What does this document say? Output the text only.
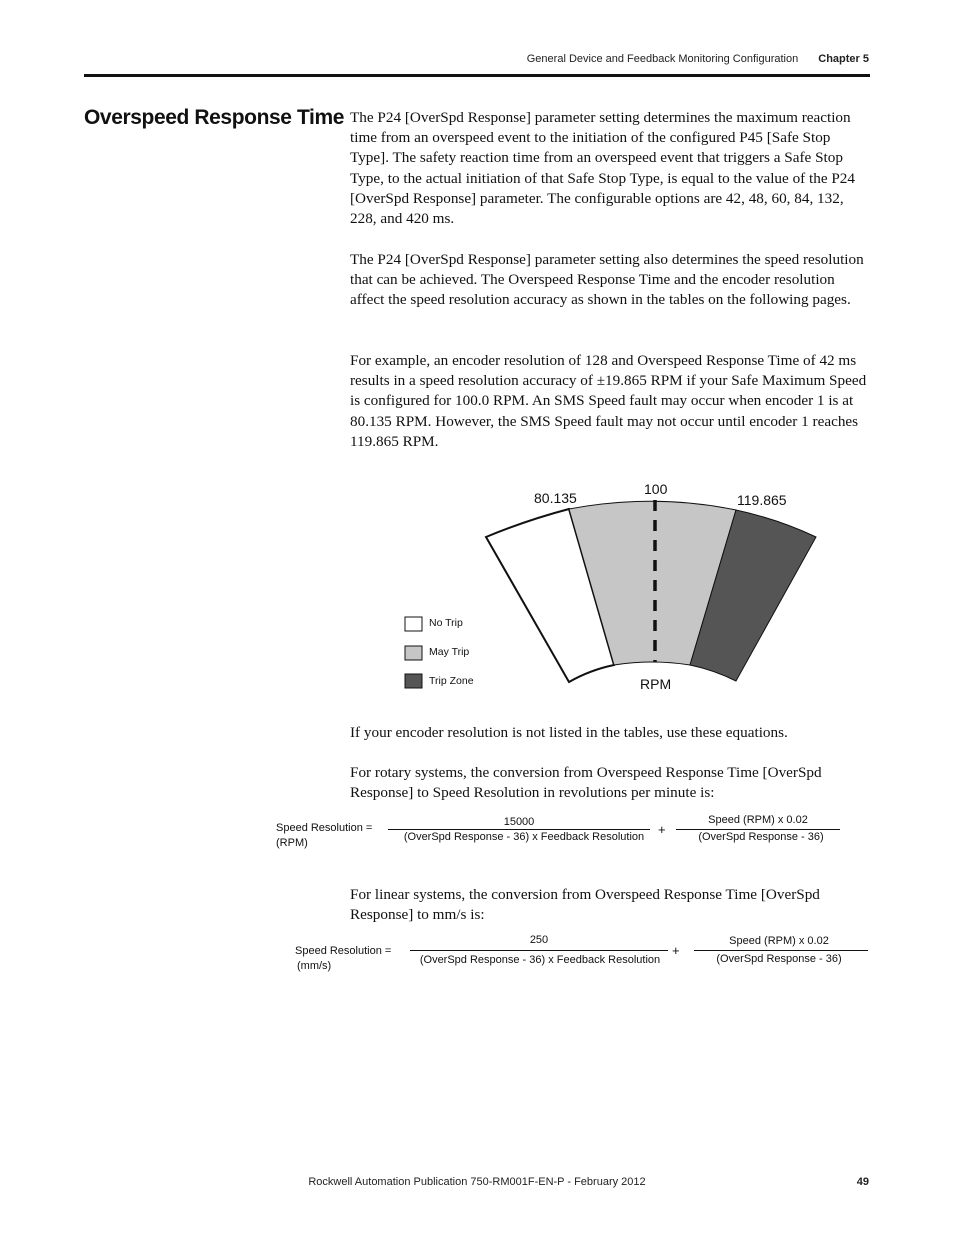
General Device and Feedback Monitoring Configuration Chapter 5
Overspeed Response Time The P24 [OverSpd Response] parameter setting determines the maximum reaction time from an overspeed event to the initiation of the configured P45 [Safe Stop Type]. The safety reaction time from an overspeed event that triggers a Safe Stop Type, to the actual initiation of that Safe Stop Type, is equal to the value of the P24 [OverSpd Response] parameter. The configurable options are 42, 48, 60, 84, 132, 228, and 420 ms.

The P24 [OverSpd Response] parameter setting also determines the speed resolution that can be achieved. The Overspeed Response Time and the encoder resolution affect the speed resolution accuracy as shown in the tables on the following pages.

For example, an encoder resolution of 128 and Overspeed Response Time of 42 ms results in a speed resolution accuracy of ±19.865 RPM if your Safe Maximum Speed is configured for 100.0 RPM. An SMS Speed fault may occur when encoder 1 is at 80.135 RPM. However, the SMS Speed fault may not occur until encoder 1 reaches 119.865 RPM.

80.135
100
119.865
RPM
No Trip
May Trip
Trip Zone

If your encoder resolution is not listed in the tables, use these equations.

For rotary systems, the conversion from Overspeed Response Time [OverSpd Response] to Speed Resolution in revolutions per minute is:

Speed Resolution =
(RPM)
15000
(OverSpd Response - 36) x Feedback Resolution	+
Speed (RPM) x 0.02
(OverSpd Response - 36)

For linear systems, the conversion from Overspeed Response Time [OverSpd Response] to mm/s is:

Speed Resolution =
(mm/s)
250
(OverSpd Response - 36) x Feedback Resolution
+
Speed (RPM) x 0.02
(OverSpd Response - 36)
Rockwell Automation Publication 750-RM001F-EN-P - February 2012	49
